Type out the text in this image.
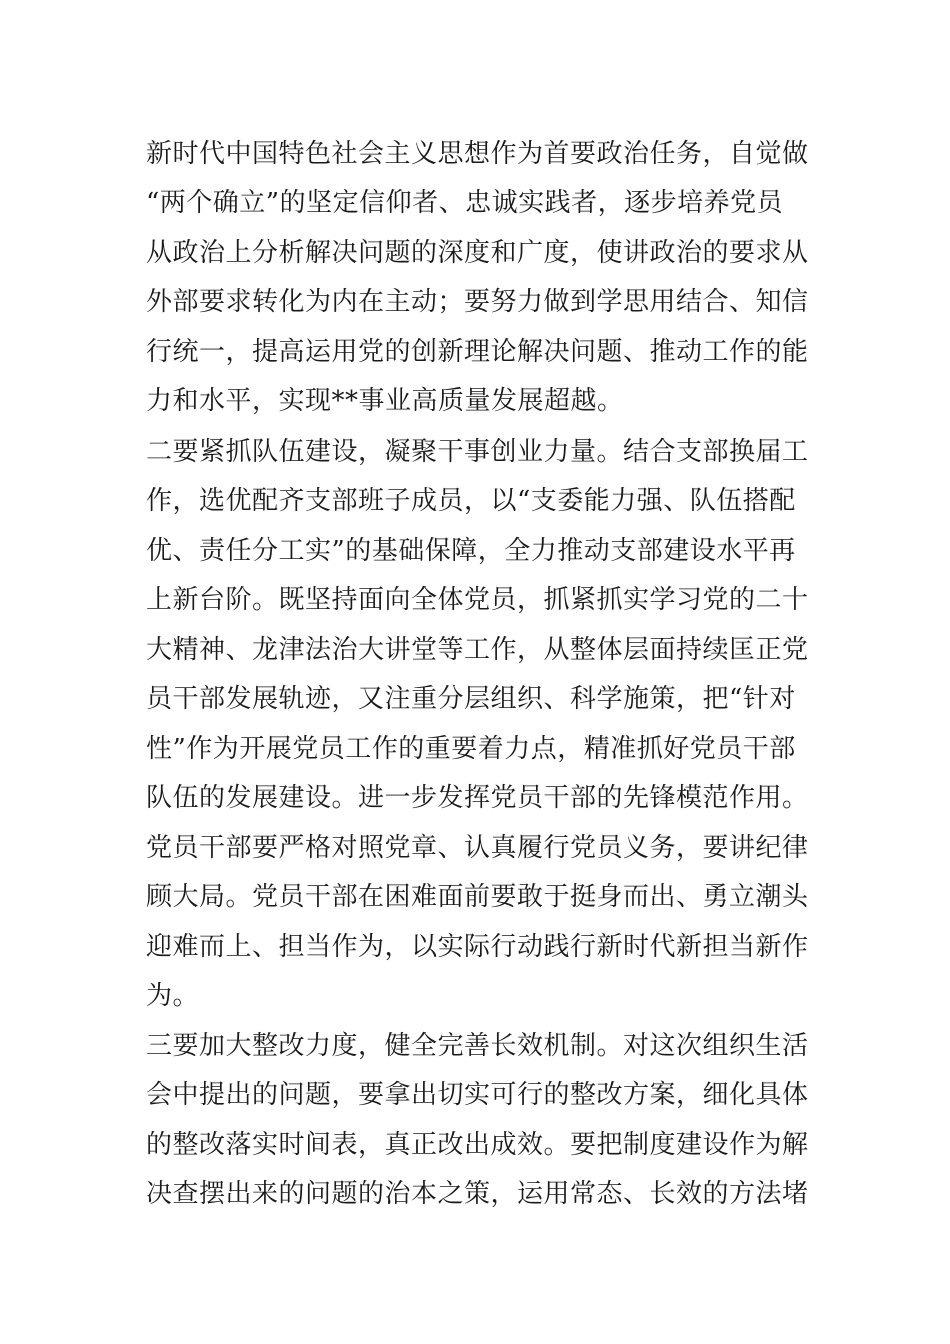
新时代中国特色社会主义思想作为首要政治任务，自觉做
“两个确立”的坚定信仰者、忠诚实践者，逐步培养党员
从政治上分析解决问题的深度和广度，使讲政治的要求从
外部要求转化为内在主动；要努力做到学思用结合、知信
行统一，提高运用党的创新理论解决问题、推动工作的能
力和水平，实现**事业高质量发展超越。
二要紧抓队伍建设，凝聚干事创业力量。结合支部换届工
作，选优配齐支部班子成员，以“支委能力强、队伍搭配
优、责任分工实”的基础保障，全力推动支部建设水平再
上新台阶。既坚持面向全体党员，抓紧抓实学习党的二十
大精神、龙津法治大讲堂等工作，从整体层面持续匡正党
员干部发展轨迹，又注重分层组织、科学施策，把“针对
性”作为开展党员工作的重要着力点，精准抓好党员干部
队伍的发展建设。进一步发挥党员干部的先锋模范作用。
党员干部要严格对照党章、认真履行党员义务，要讲纪律
顾大局。党员干部在困难面前要敢于挺身而出、勇立潮头
迎难而上、担当作为，以实际行动践行新时代新担当新作
为。
三要加大整改力度，健全完善长效机制。对这次组织生活
会中提出的问题，要拿出切实可行的整改方案，细化具体
的整改落实时间表，真正改出成效。要把制度建设作为解
决查摆出来的问题的治本之策，运用常态、长效的方法堵
